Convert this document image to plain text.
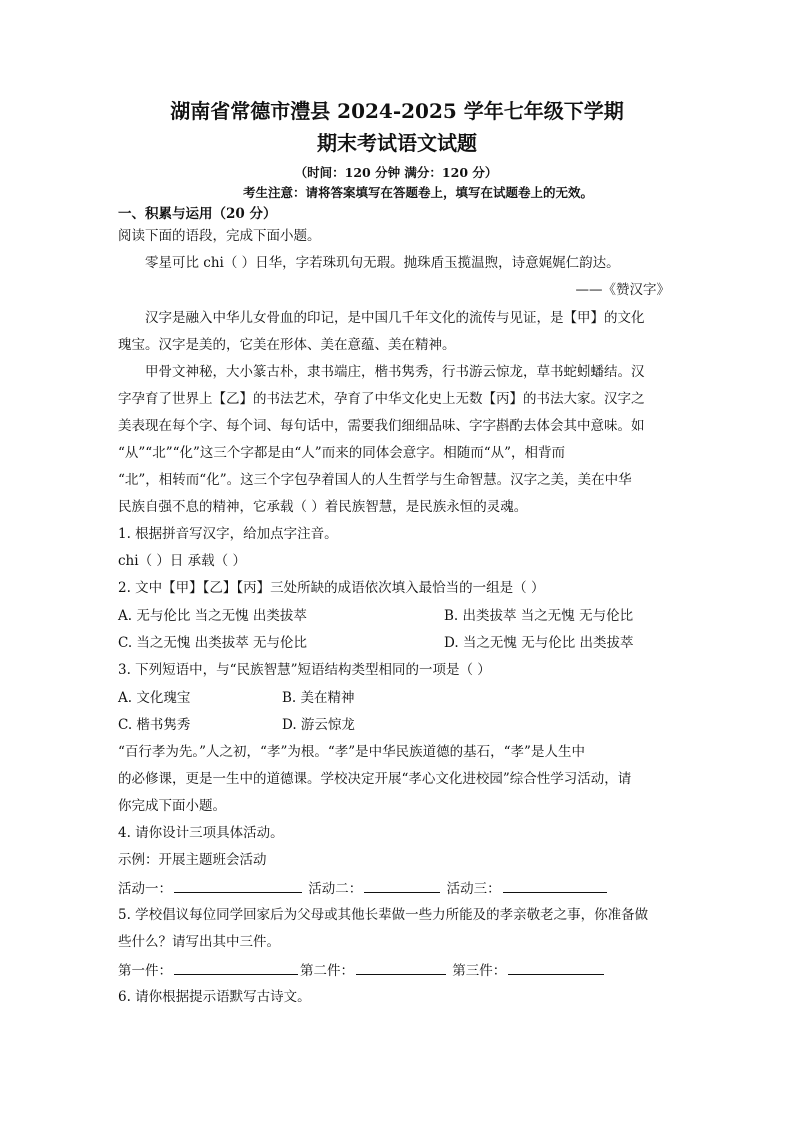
湖南省常德市澧县 2024-2025 学年七年级下学期
期末考试语文试题
（时间：120 分钟 满分：120 分）
考生注意：请将答案填写在答题卷上，填写在试题卷上的无效。
一、积累与运用（20 分）
阅读下面的语段，完成下面小题。
零星可比 chi（ ）日华，字若珠玑句无瑕。抛珠盾玉揽温煦，诗意娓娓仁韵达。
——《赞汉字》
汉字是融入中华儿女骨血的印记，是中国几千年文化的流传与见证，是【甲】的文化
瑰宝。汉字是美的，它美在形体、美在意蕴、美在精神。
甲骨文神秘，大小篆古朴，隶书端庄，楷书隽秀，行书游云惊龙，草书蛇蚓蟠结。汉
字孕育了世界上【乙】的书法艺术，孕育了中华文化史上无数【丙】的书法大家。汉字之
美表现在每个字、每个词、每句话中，需要我们细细品味、字字斟酌去体会其中意味。如
“从”“北”“化”这三个字都是由“人”而来的同体会意字。相随而“从”，相背而
“北”，相转而“化”。这三个字包孕着国人的人生哲学与生命智慧。汉字之美，美在中华
民族自强不息的精神，它承载（ ）着民族智慧，是民族永恒的灵魂。
1. 根据拼音写汉字，给加点字注音。
chi（ ）日 承载（ ）
2. 文中【甲】【乙】【丙】三处所缺的成语依次填入最恰当的一组是（ ）
A. 无与伦比 当之无愧 出类拔萃	B. 出类拔萃 当之无愧 无与伦比
C. 当之无愧 出类拔萃 无与伦比	D. 当之无愧 无与伦比 出类拔萃
3. 下列短语中，与“民族智慧”短语结构类型相同的一项是（ ）
A. 文化瑰宝	B. 美在精神
C. 楷书隽秀	D. 游云惊龙
“百行孝为先。”人之初，“孝”为根。“孝”是中华民族道德的基石，“孝”是人生中
的必修课，更是一生中的道德课。学校决定开展“孝心文化进校园”综合性学习活动，请
你完成下面小题。
4. 请你设计三项具体活动。
示例：开展主题班会活动
活动一：	活动二：	活动三：
5. 学校倡议每位同学回家后为父母或其他长辈做一些力所能及的孝亲敬老之事，你准备做
些什么？请写出其中三件。
第一件：	第二件：	第三件：
6. 请你根据提示语默写古诗文。
